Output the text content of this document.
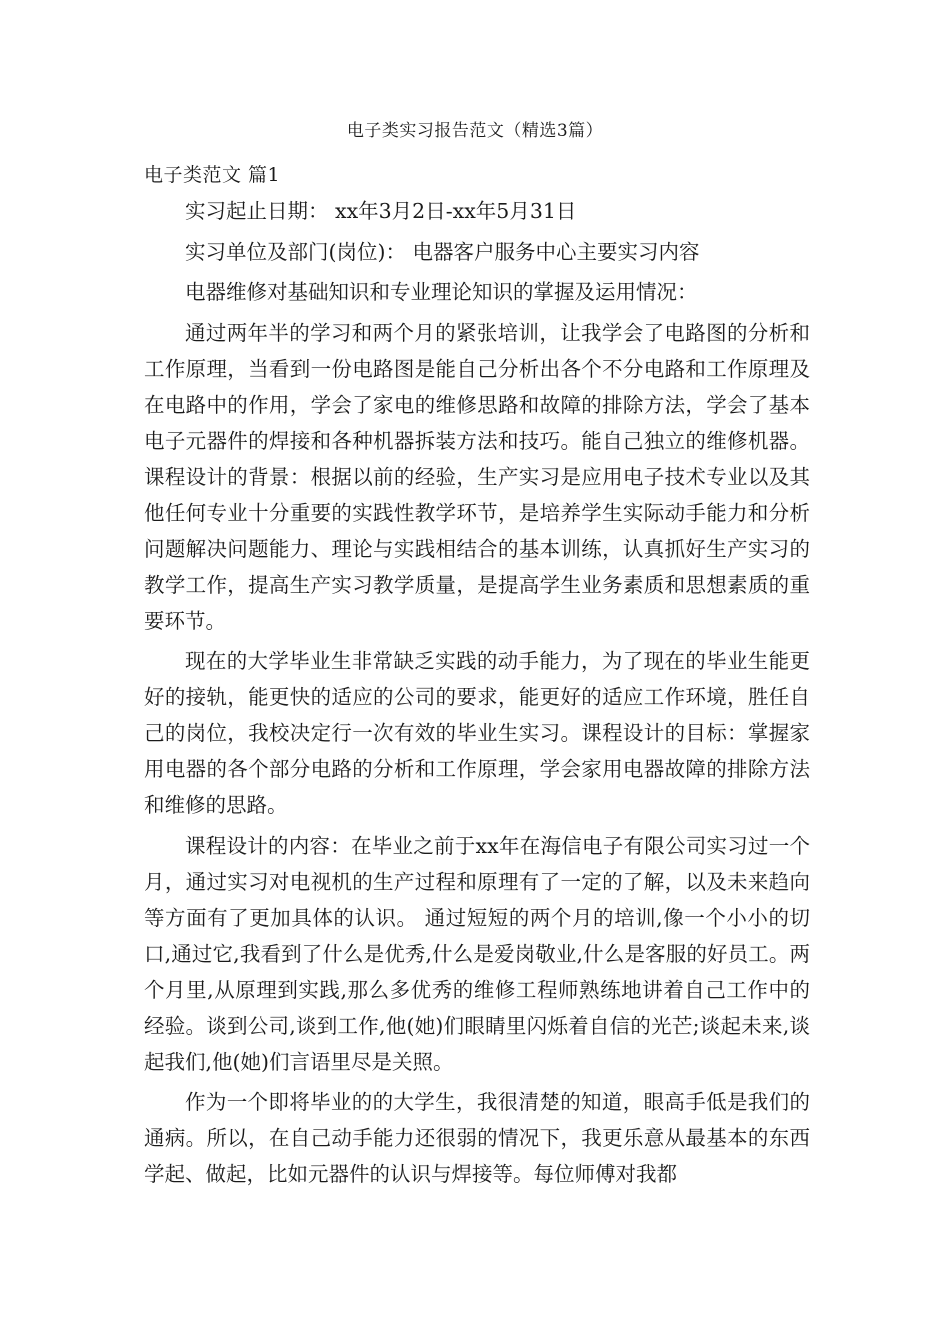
电子类实习报告范文（精选3篇）
电子类范文 篇1

实习起止日期： xx年3月2日-xx年5月31日

实习单位及部门(岗位)： 电器客户服务中心主要实习内容

电器维修对基础知识和专业理论知识的掌握及运用情况：

通过两年半的学习和两个月的紧张培训，让我学会了电路图的分析和工作原理，当看到一份电路图是能自己分析出各个不分电路和工作原理及在电路中的作用，学会了家电的维修思路和故障的排除方法，学会了基本电子元器件的焊接和各种机器拆装方法和技巧。能自己独立的维修机器。课程设计的背景：根据以前的经验，生产实习是应用电子技术专业以及其他任何专业十分重要的实践性教学环节，是培养学生实际动手能力和分析问题解决问题能力、理论与实践相结合的基本训练，认真抓好生产实习的教学工作，提高生产实习教学质量，是提高学生业务素质和思想素质的重要环节。

现在的大学毕业生非常缺乏实践的动手能力，为了现在的毕业生能更好的接轨，能更快的适应的公司的要求，能更好的适应工作环境，胜任自己的岗位，我校决定行一次有效的毕业生实习。课程设计的目标：掌握家用电器的各个部分电路的分析和工作原理，学会家用电器故障的排除方法和维修的思路。

课程设计的内容：在毕业之前于xx年在海信电子有限公司实习过一个月，通过实习对电视机的生产过程和原理有了一定的了解，以及未来趋向等方面有了更加具体的认识。 通过短短的两个月的培训,像一个小小的切口,通过它,我看到了什么是优秀,什么是爱岗敬业,什么是客服的好员工。两个月里,从原理到实践,那么多优秀的维修工程师熟练地讲着自己工作中的经验。谈到公司,谈到工作,他(她)们眼睛里闪烁着自信的光芒;谈起未来,谈起我们,他(她)们言语里尽是关照。

作为一个即将毕业的的大学生，我很清楚的知道，眼高手低是我们的通病。所以，在自己动手能力还很弱的情况下，我更乐意从最基本的东西学起、做起，比如元器件的认识与焊接等。每位师傅对我都
